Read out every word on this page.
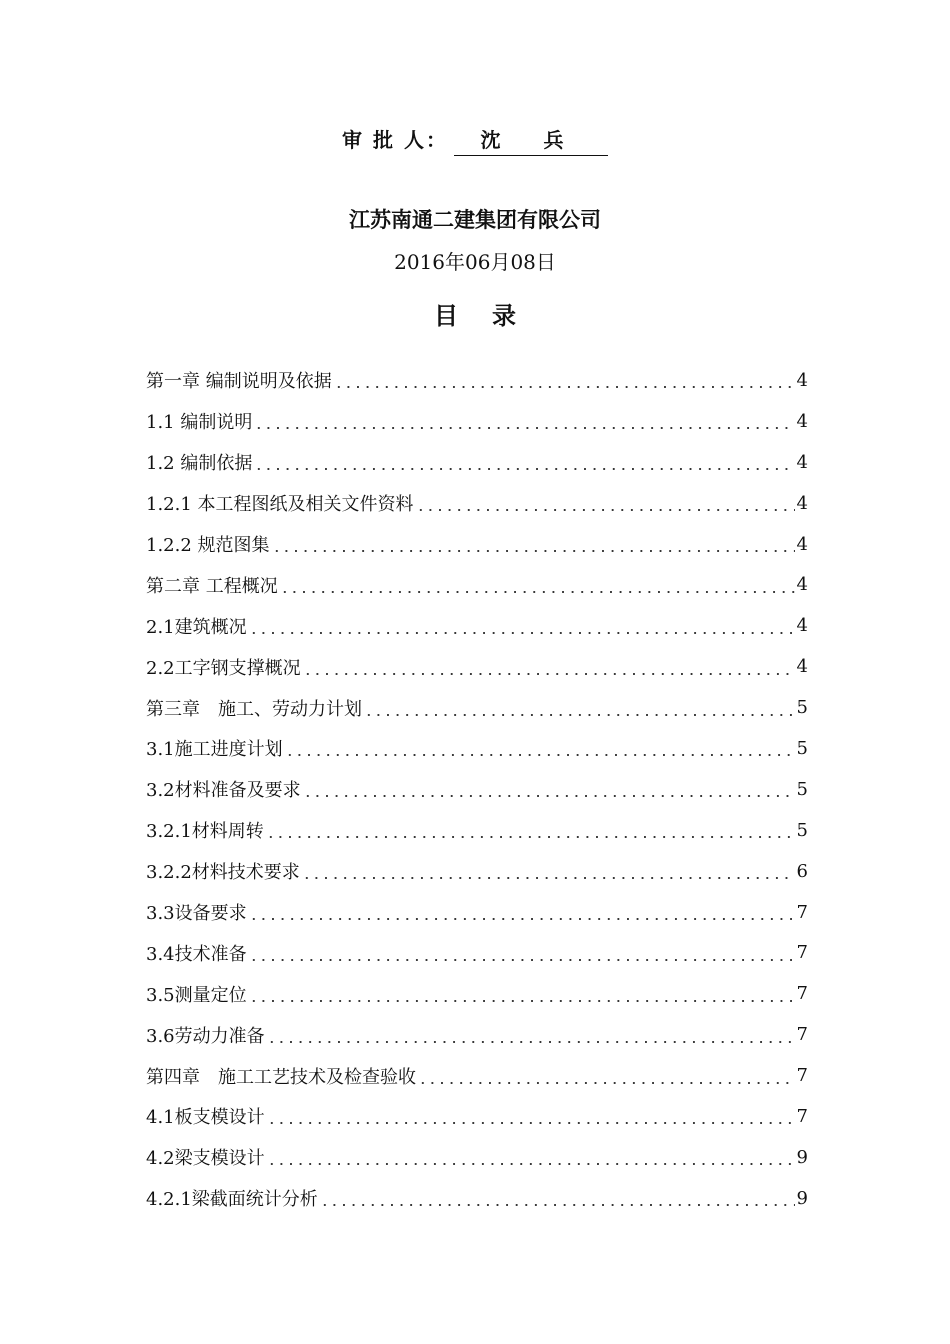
审 批 人： 沈 兵
江苏南通二建集团有限公司
2016年06月08日
目录
第一章 编制说明及依据	4
1.1 编制说明	4
1.2 编制依据	4
1.2.1 本工程图纸及相关文件资料	4
1.2.2 规范图集	4
第二章 工程概况	4
2.1建筑概况	4
2.2工字钢支撑概况	4
第三章　施工、劳动力计划	5
3.1施工进度计划	5
3.2材料准备及要求	5
3.2.1材料周转	5
3.2.2材料技术要求	6
3.3设备要求	7
3.4技术准备	7
3.5测量定位	7
3.6劳动力准备	7
第四章　施工工艺技术及检查验收	7
4.1板支模设计	7
4.2梁支模设计	9
4.2.1梁截面统计分析	9
